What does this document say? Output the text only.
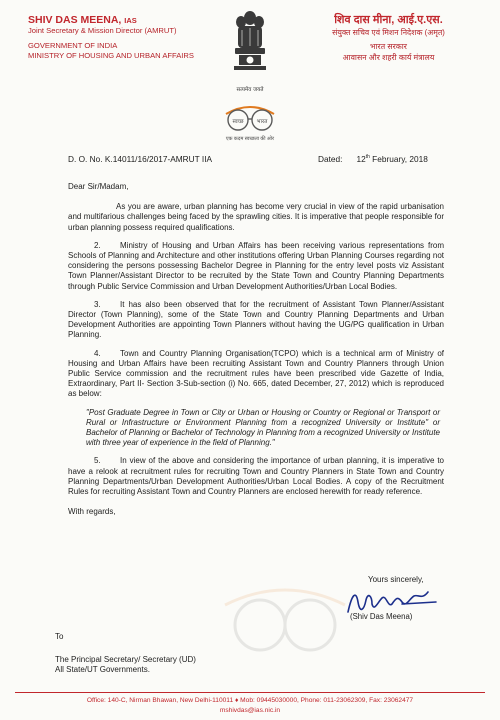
SHIV DAS MEENA, IAS
Joint Secretary & Mission Director (AMRUT)
GOVERNMENT OF INDIA
MINISTRY OF HOUSING AND URBAN AFFAIRS
सत्यमेव जयते
शिव दास मीना, आई.ए.एस.
संयुक्त सचिव एवं मिशन निदेशक (अमृत)
भारत सरकार
आवासन और शहरी कार्य मंत्रालय
स्वच्छ भारत
एक कदम स्वच्छता की ओर
D. O. No. K.14011/16/2017-AMRUT IIA	Dated: 12th February, 2018

Dear Sir/Madam,

As you are aware, urban planning has become very crucial in view of the rapid urbanisation and multifarious challenges being faced by the sprawling cities. It is imperative that people responsible for urban planning possess required qualifications.

2. Ministry of Housing and Urban Affairs has been receiving various representations from Schools of Planning and Architecture and other institutions offering Urban Planning Courses regarding not considering the persons possessing Bachelor Degree in Planning for the entry level posts viz Assistant Town Planner/Assistant Director to be recruited by the State Town and Country Planning Departments through Public Service Commission and Urban Development Authorities/Urban Local Bodies.

3. It has also been observed that for the recruitment of Assistant Town Planner/Assistant Director (Town Planning), some of the State Town and Country Planning Departments and Urban Development Authorities are appointing Town Planners without having the UG/PG qualification in Urban Planning.

4. Town and Country Planning Organisation(TCPO) which is a technical arm of Ministry of Housing and Urban Affairs have been recruiting Assistant Town and Country Planners through Union Public Service commission and the recruitment rules have been prescribed vide Gazette of India, Extraordinary, Part II- Section 3-Sub-section (i) No. 665, dated December, 27, 2012) which is reproduced as below:

"Post Graduate Degree in Town or City or Urban or Housing or Country or Regional or Transport or Rural or Infrastructure or Environment Planning from a recognized University or Institute" or Bachelor of Planning or Bachelor of Technology in Planning from a recognized University or Institute with three year of experience in the field of Planning."

5. In view of the above and considering the importance of urban planning, it is imperative to have a relook at recruitment rules for recruiting Town and Country Planners in State Town and Country Planning Departments/Urban Development Authorities/Urban Local Bodies. A copy of the Recruitment Rules for recruiting Assistant Town and Country Planners are enclosed herewith for ready reference.

With regards,

Yours sincerely,
(Shiv Das Meena)
To
The Principal Secretary/ Secretary (UD)
All State/UT Governments.
Office: 140-C, Nirman Bhawan, New Delhi-110011 ♦ Mob: 09445030000, Phone: 011-23062309, Fax: 23062477
mshivdas@ias.nic.in
